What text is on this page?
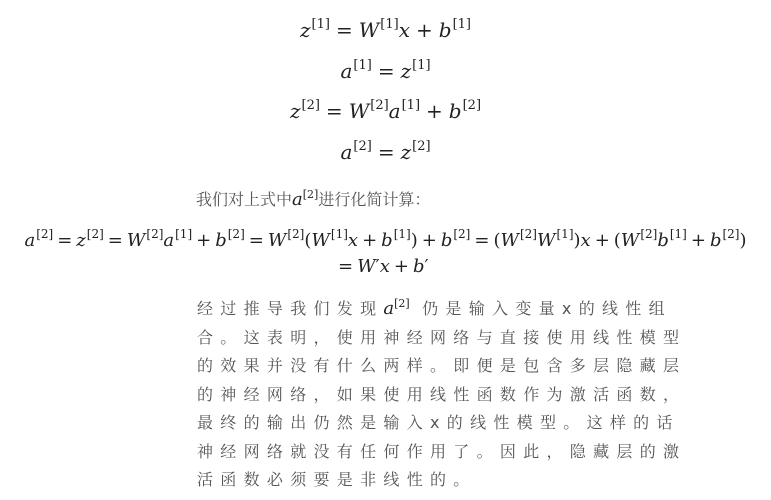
z[1] = W[1]x + b[1]
a[1] = z[1]
z[2] = W[2]a[1] + b[2]
a[2] = z[2]
我们对上式中a[2]进行化简计算：
a[2] = z[2] = W[2]a[1] + b[2] = W[2](W[1]x + b[1]) + b[2] = (W[2]W[1])x + (W[2]b[1] + b[2])
= W′x + b′
经过推导我们发现a[2] 仍是输入变量x的线性组
合。这表明，使用神经网络与直接使用线性模型
的效果并没有什么两样。即便是包含多层隐藏层
的神经网络，如果使用线性函数作为激活函数，
最终的输出仍然是输入x的线性模型。这样的话
神经网络就没有任何作用了。因此，隐藏层的激
活函数必须要是非线性的。
